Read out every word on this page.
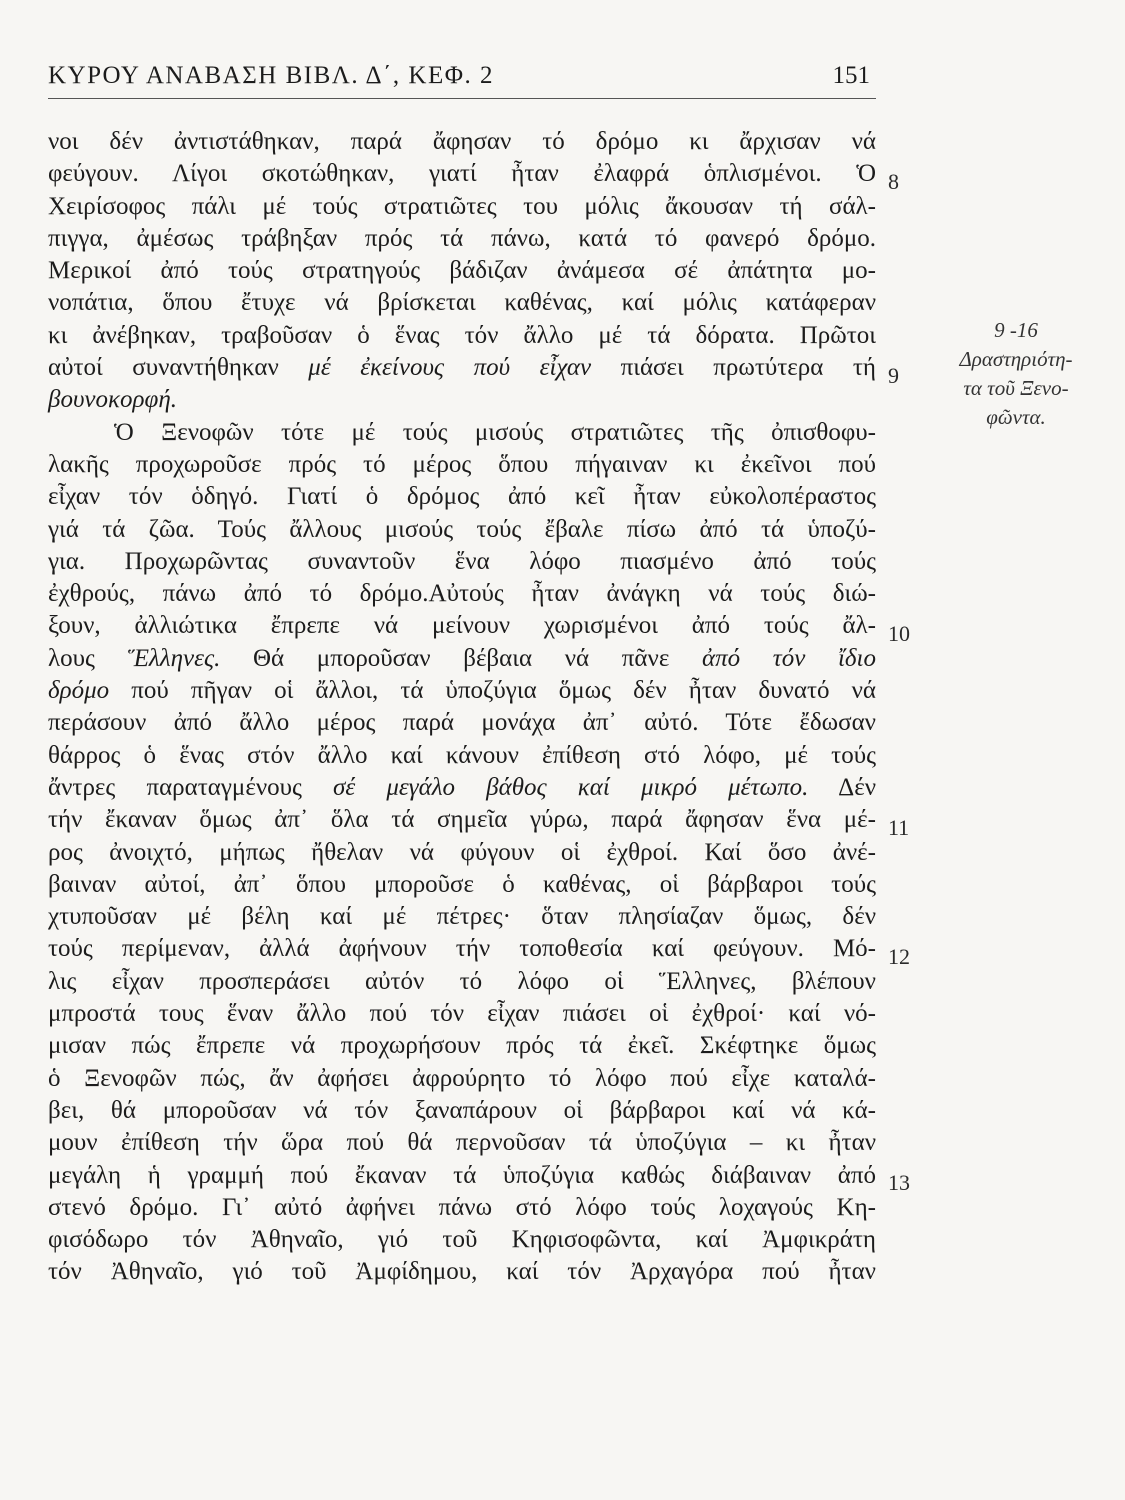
ΚΥΡΟΥ ΑΝΑΒΑΣΗ ΒΙΒΛ. Δ΄, ΚΕΦ. 2	151
νοι δέν ἀντιστάθηκαν, παρά ἄφησαν τό δρόμο κι ἄρχισαν νά
φεύγουν. Λίγοι σκοτώθηκαν, γιατί ἦταν ἐλαφρά ὁπλισμένοι. Ὁ
Χειρίσοφος πάλι μέ τούς στρατιῶτες του μόλις ἄκουσαν τή σάλ-
πιγγα, ἀμέσως τράβηξαν πρός τά πάνω, κατά τό φανερό δρόμο.
Μερικοί ἀπό τούς στρατηγούς βάδιζαν ἀνάμεσα σέ ἀπάτητα μο-
νοπάτια, ὅπου ἔτυχε νά βρίσκεται καθένας, καί μόλις κατάφεραν
κι ἀνέβηκαν, τραβοῦσαν ὁ ἕνας τόν ἄλλο μέ τά δόρατα. Πρῶτοι
αὐτοί συναντήθηκαν μέ ἐκείνους πού εἶχαν πιάσει πρωτύτερα τή
βουνοκορφή.
Ὁ Ξενοφῶν τότε μέ τούς μισούς στρατιῶτες τῆς ὀπισθοφυ-
λακῆς προχωροῦσε πρός τό μέρος ὅπου πήγαιναν κι ἐκεῖνοι πού
εἶχαν τόν ὁδηγό. Γιατί ὁ δρόμος ἀπό κεῖ ἦταν εὐκολοπέραστος
γιά τά ζῶα. Τούς ἄλλους μισούς τούς ἔβαλε πίσω ἀπό τά ὑποζύ-
για. Προχωρῶντας συναντοῦν ἕνα λόφο πιασμένο ἀπό τούς
ἐχθρούς, πάνω ἀπό τό δρόμο.Αὐτούς ἦταν ἀνάγκη νά τούς διώ-
ξουν, ἀλλιώτικα ἔπρεπε νά μείνουν χωρισμένοι ἀπό τούς ἄλ-
λους Ἕλληνες. Θά μποροῦσαν βέβαια νά πᾶνε ἀπό τόν ἴδιο
δρόμο πού πῆγαν οἱ ἄλλοι, τά ὑποζύγια ὅμως δέν ἦταν δυνατό νά
περάσουν ἀπό ἄλλο μέρος παρά μονάχα ἀπ᾽ αὐτό. Τότε ἔδωσαν
θάρρος ὁ ἕνας στόν ἄλλο καί κάνουν ἐπίθεση στό λόφο, μέ τούς
ἄντρες παραταγμένους σέ μεγάλο βάθος καί μικρό μέτωπο. Δέν
τήν ἔκαναν ὅμως ἀπ᾽ ὅλα τά σημεῖα γύρω, παρά ἄφησαν ἕνα μέ-
ρος ἀνοιχτό, μήπως ἤθελαν νά φύγουν οἱ ἐχθροί. Καί ὅσο ἀνέ-
βαιναν αὐτοί, ἀπ᾽ ὅπου μποροῦσε ὁ καθένας, οἱ βάρβαροι τούς
χτυποῦσαν μέ βέλη καί μέ πέτρες· ὅταν πλησίαζαν ὅμως, δέν
τούς περίμεναν, ἀλλά ἀφήνουν τήν τοποθεσία καί φεύγουν. Μό-
λις εἶχαν προσπεράσει αὐτόν τό λόφο οἱ Ἕλληνες, βλέπουν
μπροστά τους ἕναν ἄλλο πού τόν εἶχαν πιάσει οἱ ἐχθροί· καί νό-
μισαν πώς ἔπρεπε νά προχωρήσουν πρός τά ἐκεῖ. Σκέφτηκε ὅμως
ὁ Ξενοφῶν πώς, ἄν ἀφήσει ἀφρούρητο τό λόφο πού εἶχε καταλά-
βει, θά μποροῦσαν νά τόν ξαναπάρουν οἱ βάρβαροι καί νά κά-
μουν ἐπίθεση τήν ὥρα πού θά περνοῦσαν τά ὑποζύγια – κι ἦταν
μεγάλη ἡ γραμμή πού ἔκαναν τά ὑποζύγια καθώς διάβαιναν ἀπό
στενό δρόμο. Γι᾽ αὐτό ἀφήνει πάνω στό λόφο τούς λοχαγούς Κη-
φισόδωρο τόν Ἀθηναῖο, γιό τοῦ Κηφισοφῶντα, καί Ἀμφικράτη
τόν Ἀθηναῖο, γιό τοῦ Ἀμφίδημου, καί τόν Ἀρχαγόρα πού ἦταν
8
9
10
11
12
13
9 -16
Δραστηριότη-
τα τοῦ Ξενο-
φῶντα.
